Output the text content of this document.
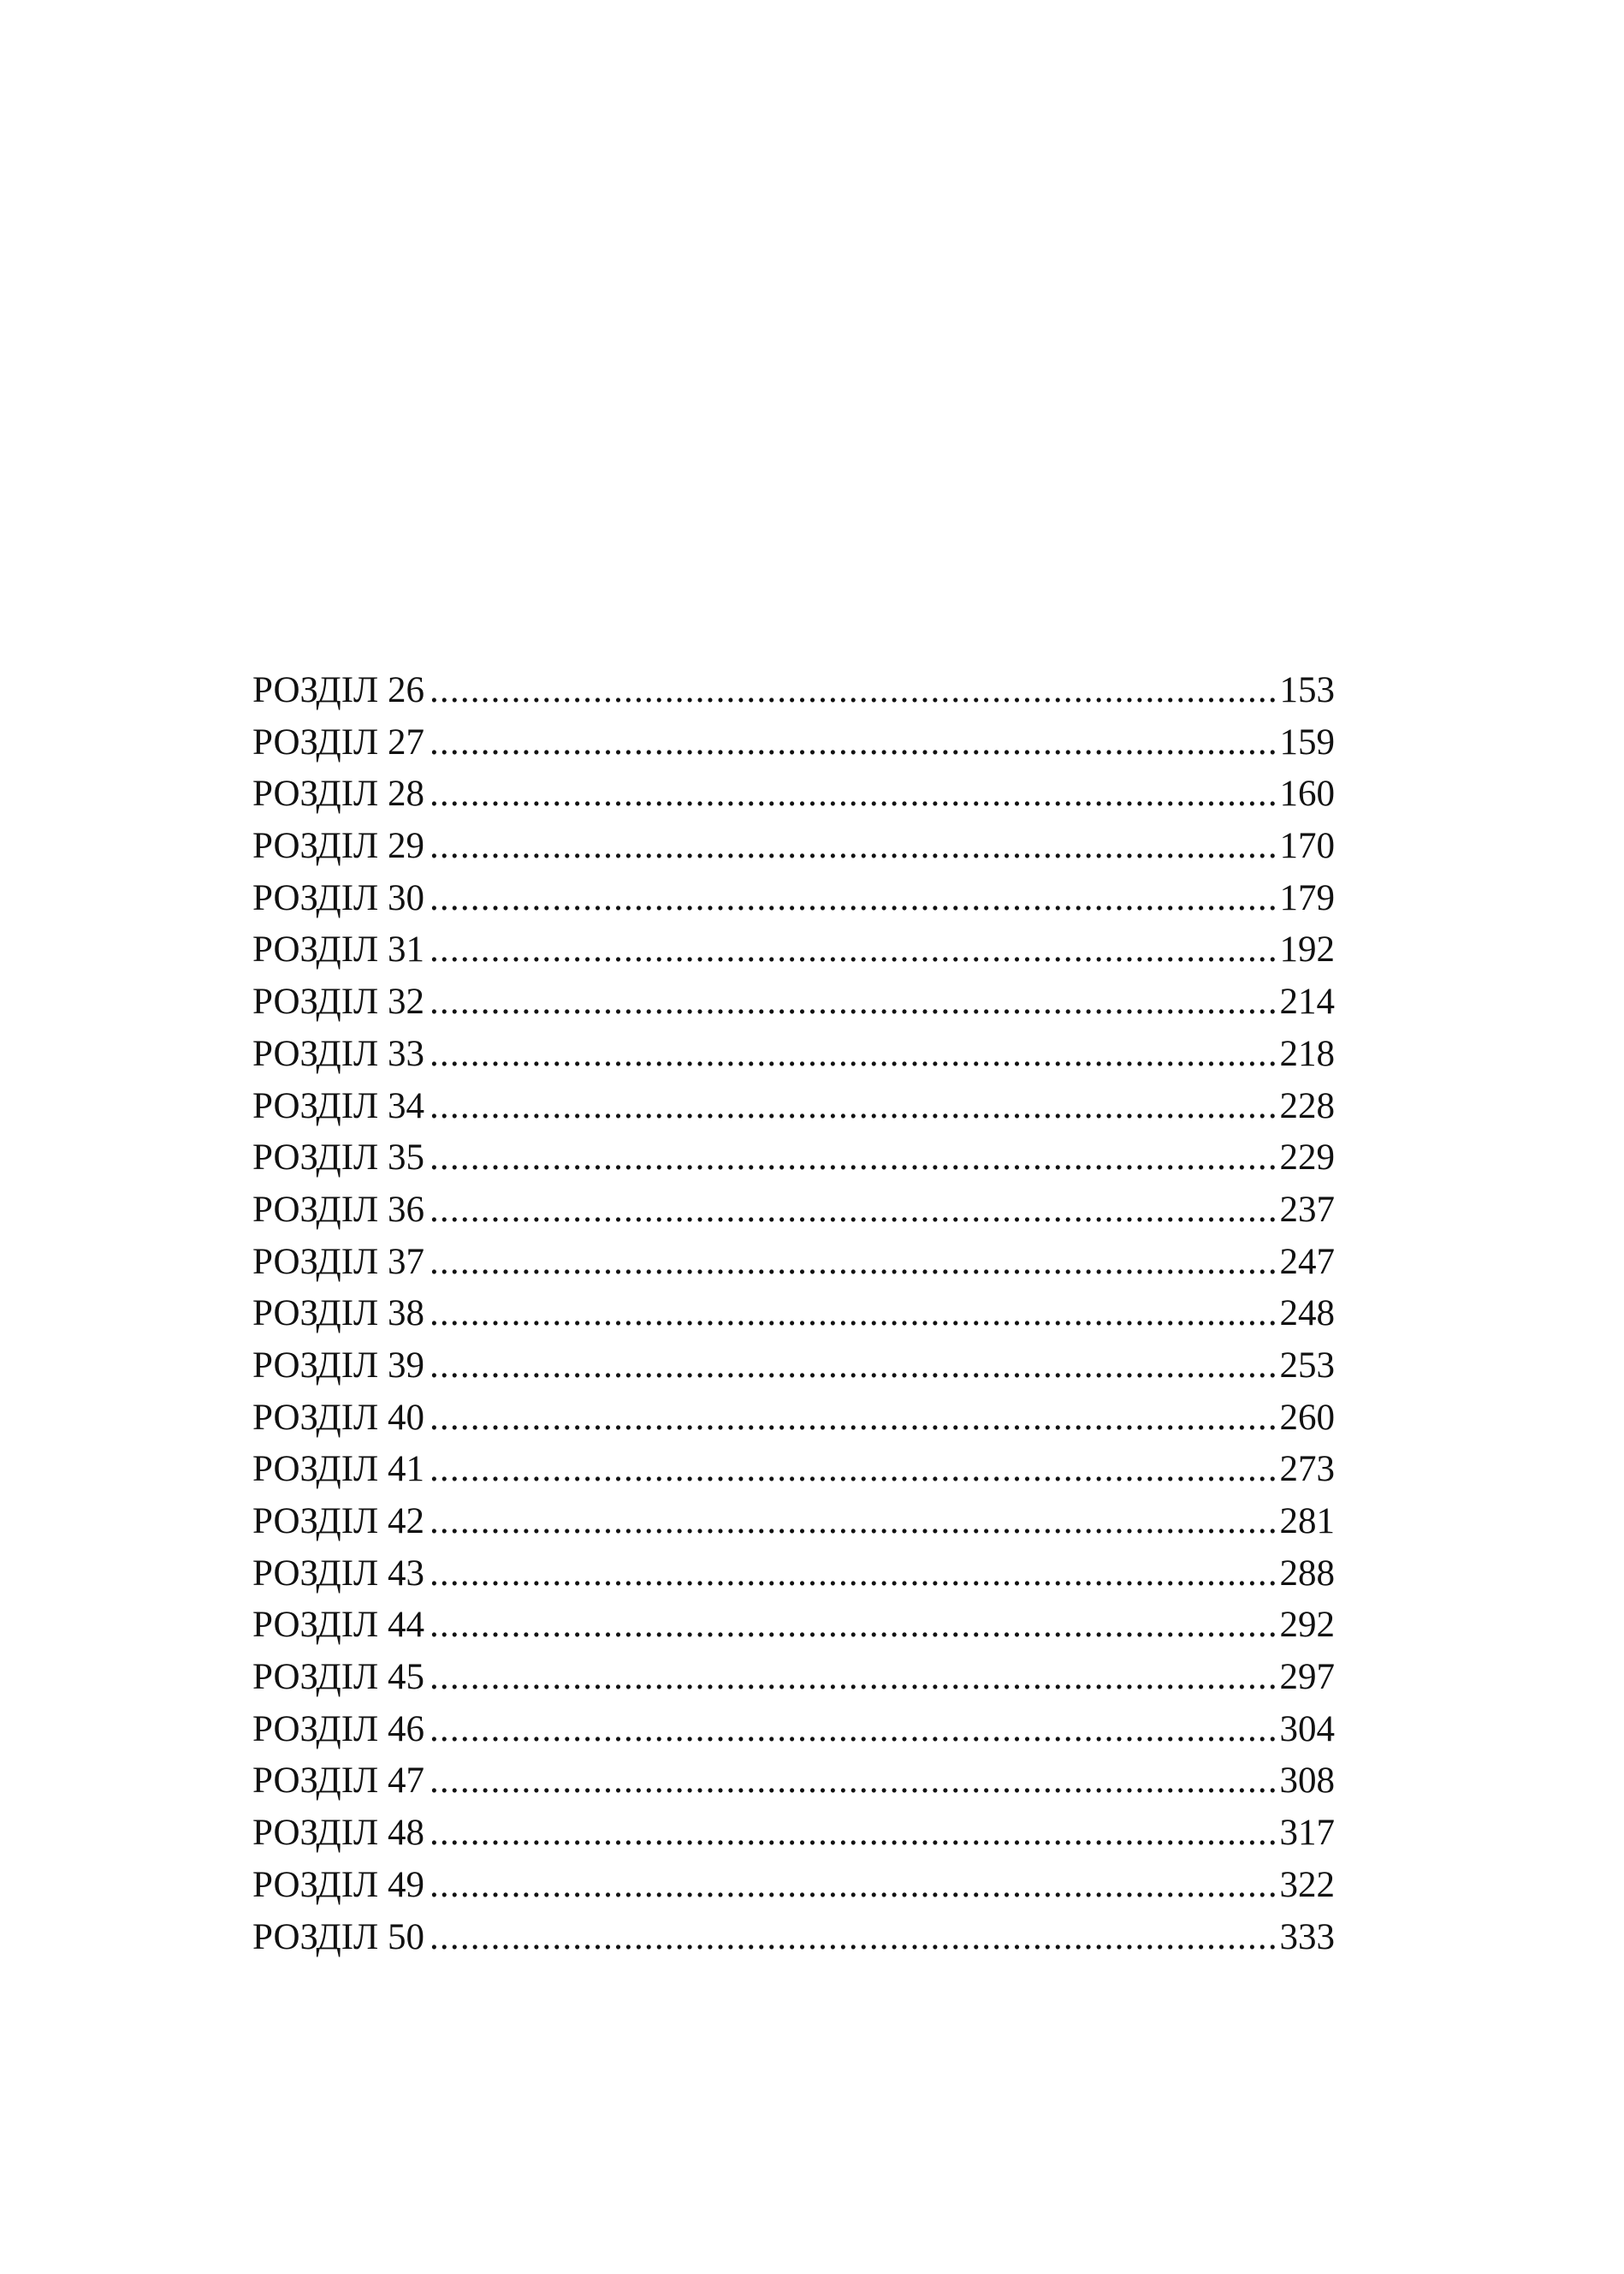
РОЗДІЛ 26 .....	153
РОЗДІЛ 27 .....	159
РОЗДІЛ 28 .....	160
РОЗДІЛ 29 .....	170
РОЗДІЛ 30 .....	179
РОЗДІЛ 31 .....	192
РОЗДІЛ 32 .....	214
РОЗДІЛ 33 .....	218
РОЗДІЛ 34 .....	228
РОЗДІЛ 35 .....	229
РОЗДІЛ 36 .....	237
РОЗДІЛ 37 .....	247
РОЗДІЛ 38 .....	248
РОЗДІЛ 39 .....	253
РОЗДІЛ 40 .....	260
РОЗДІЛ 41 .....	273
РОЗДІЛ 42 .....	281
РОЗДІЛ 43 .....	288
РОЗДІЛ 44 .....	292
РОЗДІЛ 45 .....	297
РОЗДІЛ 46 .....	304
РОЗДІЛ 47 .....	308
РОЗДІЛ 48 .....	317
РОЗДІЛ 49 .....	322
РОЗДІЛ 50 .....	333
